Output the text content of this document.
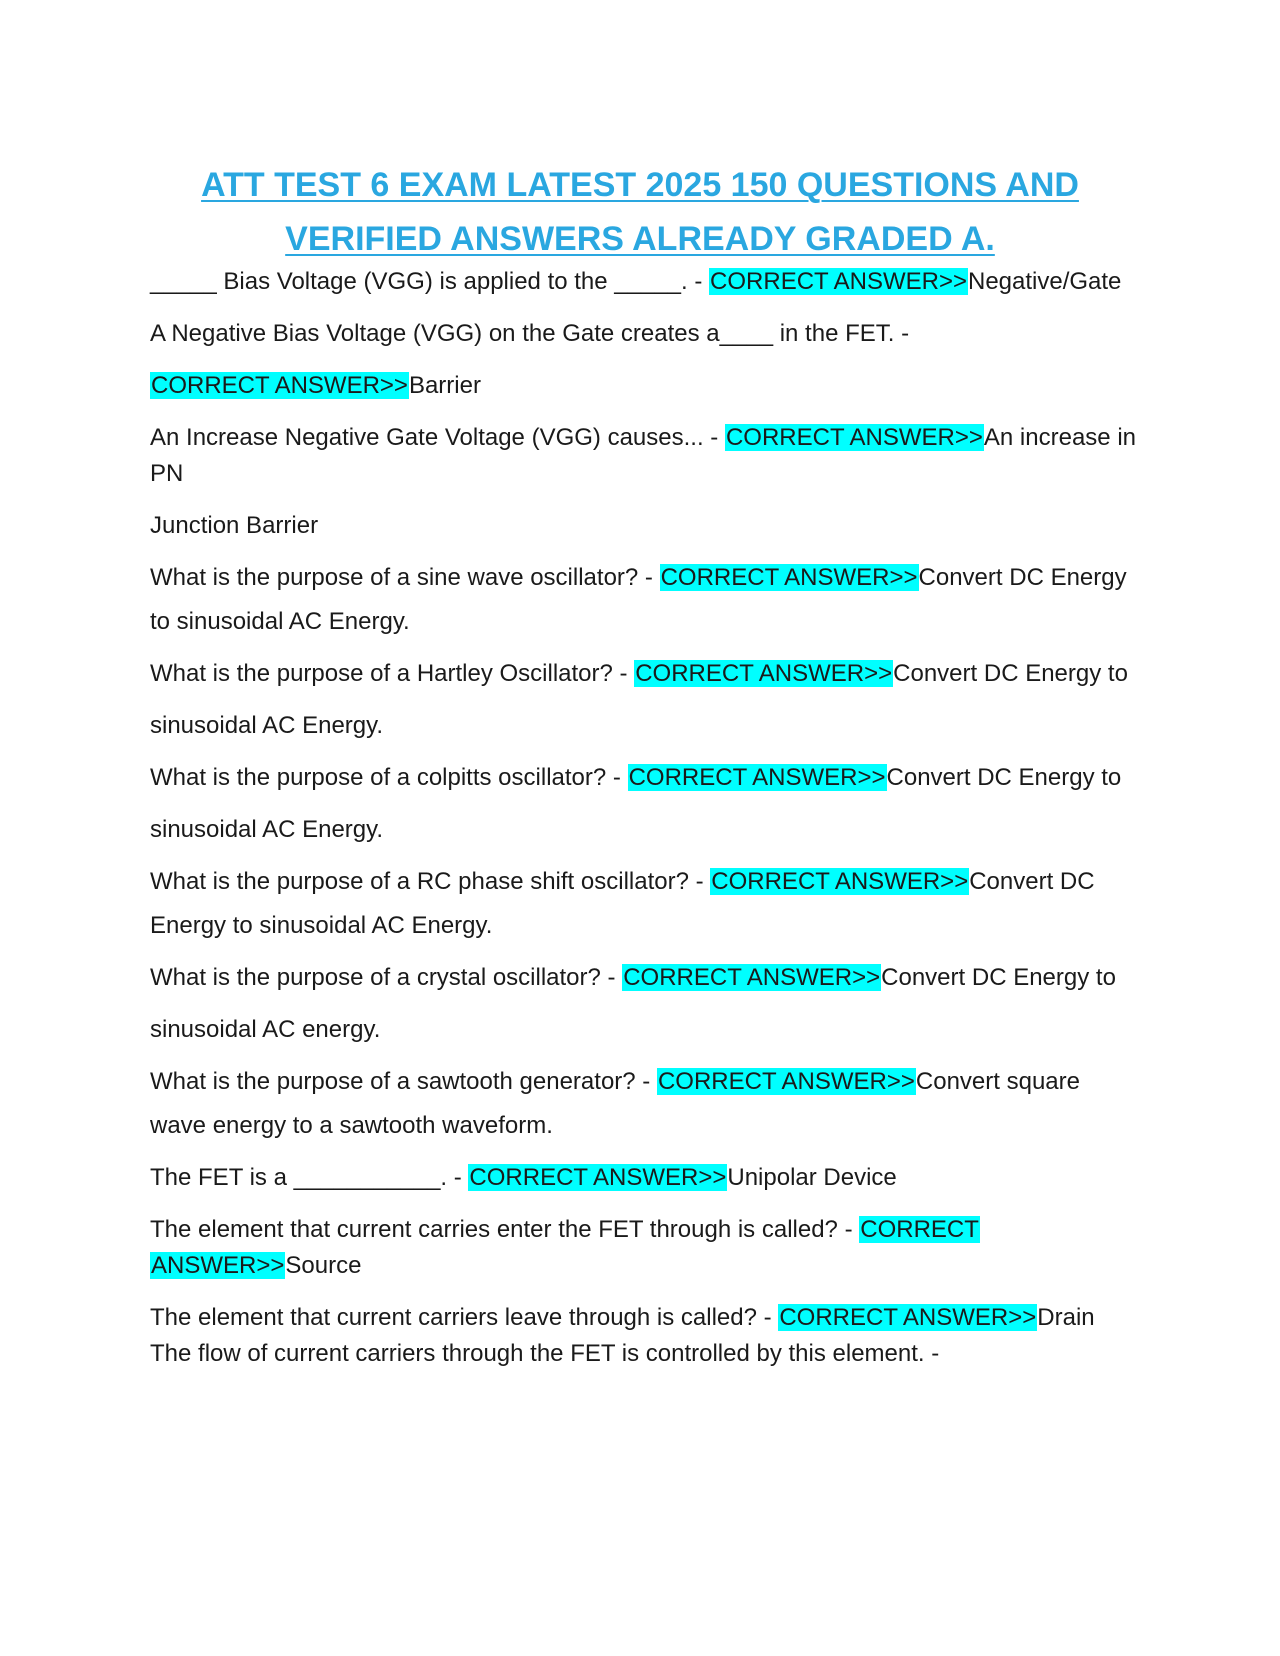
ATT TEST 6 EXAM LATEST 2025 150 QUESTIONS AND
VERIFIED ANSWERS ALREADY GRADED A.
_____ Bias Voltage (VGG) is applied to the _____. - CORRECT ANSWER>>Negative/Gate
A Negative Bias Voltage (VGG) on the Gate creates a____ in the FET. -
CORRECT ANSWER>>Barrier
An Increase Negative Gate Voltage (VGG) causes... - CORRECT ANSWER>>An increase in
PN
Junction Barrier
What is the purpose of a sine wave oscillator? - CORRECT ANSWER>>Convert DC Energy
to sinusoidal AC Energy.
What is the purpose of a Hartley Oscillator? - CORRECT ANSWER>>Convert DC Energy to
sinusoidal AC Energy.
What is the purpose of a colpitts oscillator? - CORRECT ANSWER>>Convert DC Energy to
sinusoidal AC Energy.
What is the purpose of a RC phase shift oscillator? - CORRECT ANSWER>>Convert DC
Energy to sinusoidal AC Energy.
What is the purpose of a crystal oscillator? - CORRECT ANSWER>>Convert DC Energy to
sinusoidal AC energy.
What is the purpose of a sawtooth generator? - CORRECT ANSWER>>Convert square
wave energy to a sawtooth waveform.
The FET is a ___________. - CORRECT ANSWER>>Unipolar Device
The element that current carries enter the FET through is called? - CORRECT
ANSWER>>Source
The element that current carriers leave through is called? - CORRECT ANSWER>>Drain
The flow of current carriers through the FET is controlled by this element. -
